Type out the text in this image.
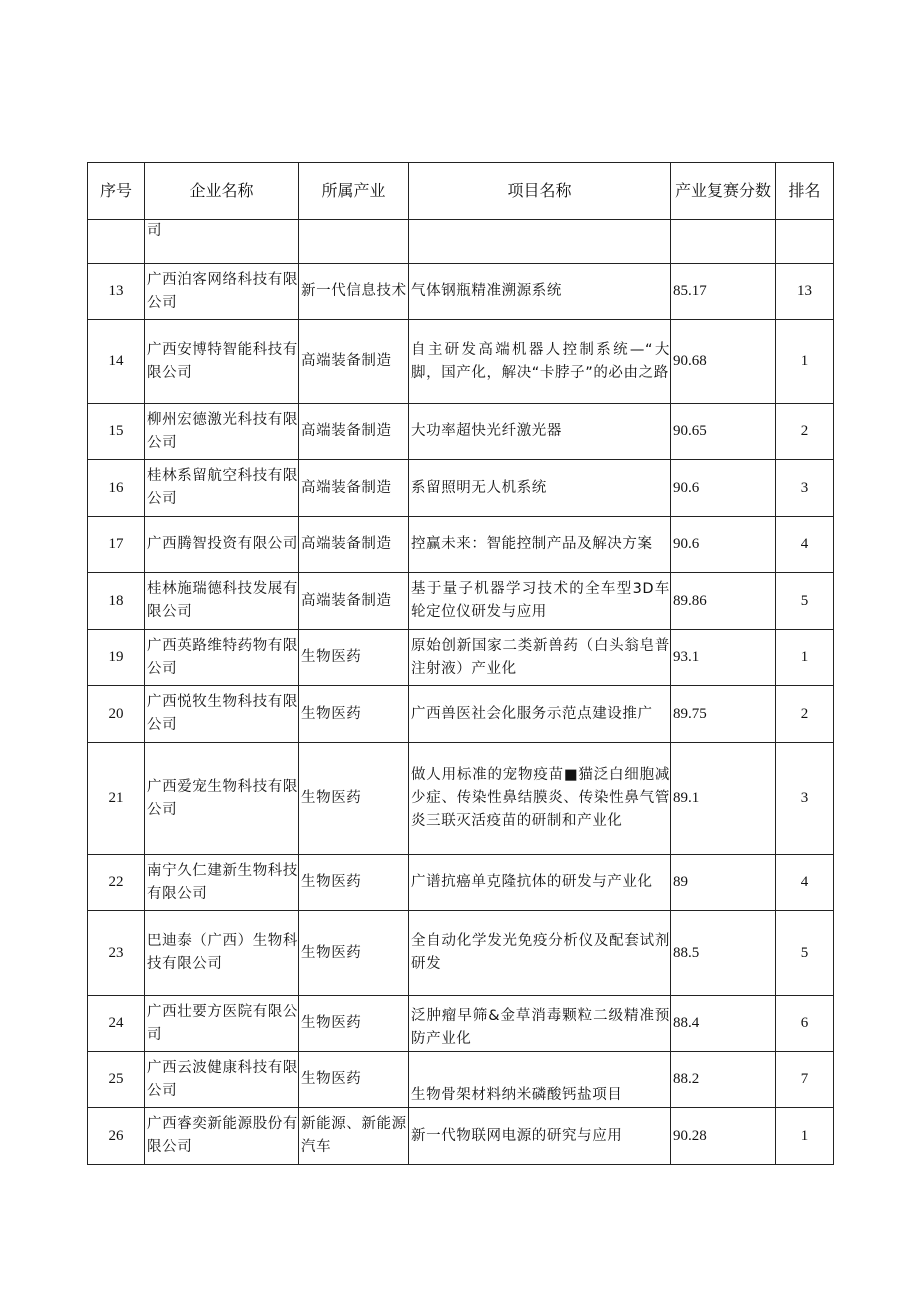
序号	企业名称	所属产业	项目名称	产业复赛分数	排名
	司				
13	广西泊客网络科技有限公司	新一代信息技术	气体钢瓶精准溯源系统	85.17	13
14	广西安博特智能科技有限公司	高端装备制造	自主研发高端机器人控制系统—“大脚，国产化，解决“卡脖子”的必由之路	90.68	1
15	柳州宏德激光科技有限公司	高端装备制造	大功率超快光纤激光器	90.65	2
16	桂林系留航空科技有限公司	高端装备制造	系留照明无人机系统	90.6	3
17	广西腾智投资有限公司	高端装备制造	控赢未来：智能控制产品及解决方案	90.6	4
18	桂林施瑞德科技发展有限公司	高端装备制造	基于量子机器学习技术的全车型3D车轮定位仪研发与应用	89.86	5
19	广西英路维特药物有限公司	生物医药	原始创新国家二类新兽药（白头翁皂普注射液）产业化	93.1	1
20	广西悦牧生物科技有限公司	生物医药	广西兽医社会化服务示范点建设推广	89.75	2
21	广西爱宠生物科技有限公司	生物医药	做人用标准的宠物疫苗■猫泛白细胞减少症、传染性鼻结膜炎、传染性鼻气管炎三联灭活疫苗的研制和产业化	89.1	3
22	南宁久仁建新生物科技有限公司	生物医药	广谱抗癌单克隆抗体的研发与产业化	89	4
23	巴迪泰（广西）生物科技有限公司	生物医药	全自动化学发光免疫分析仪及配套试剂研发	88.5	5
24	广西壮要方医院有限公司	生物医药	泛肿瘤早筛&金草消毒颗粒二级精准预防产业化	88.4	6
25	广西云波健康科技有限公司	生物医药	生物骨架材料纳米磷酸钙盐项目	88.2	7
26	广西睿奕新能源股份有限公司	新能源、新能源汽车	新一代物联网电源的研究与应用	90.28	1
